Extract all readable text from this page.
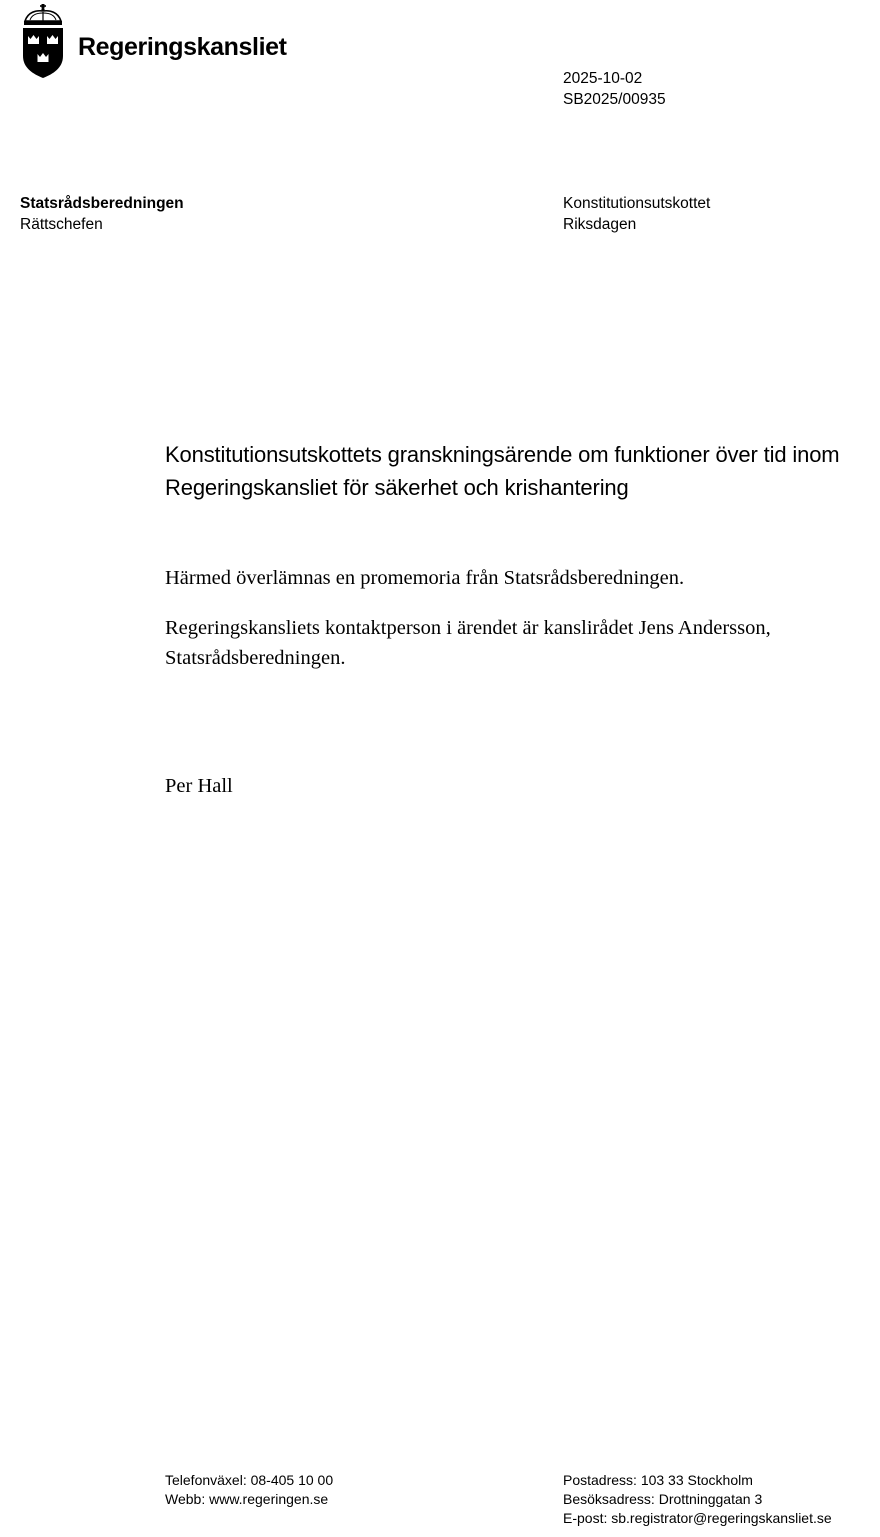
Regeringskansliet
2025-10-02
SB2025/00935
Statsrådsberedningen
Rättschefen
Konstitutionsutskottet
Riksdagen
Konstitutionsutskottets granskningsärende om funktioner över tid inom Regeringskansliet för säkerhet och krishantering

Härmed överlämnas en promemoria från Statsrådsberedningen.

Regeringskansliets kontaktperson i ärendet är kanslirådet Jens Andersson, Statsrådsberedningen.

Per Hall
Telefonväxel: 08-405 10 00
Webb: www.regeringen.se
Postadress: 103 33 Stockholm
Besöksadress: Drottninggatan 3
E-post: sb.registrator@regeringskansliet.se
